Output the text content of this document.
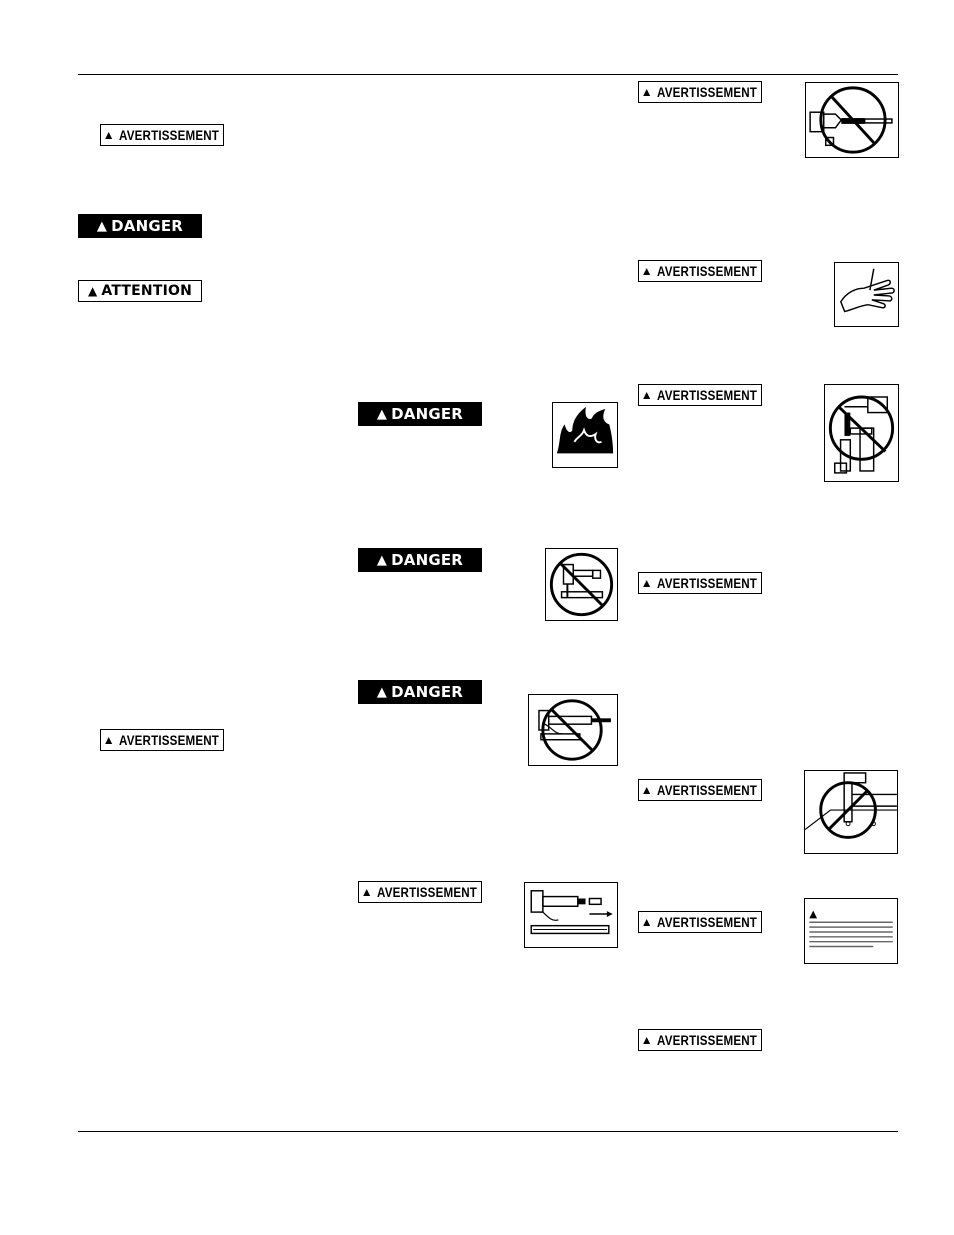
▲ AVERTISSEMENT
▲ DANGER
▲ ATTENTION
▲ AVERTISSEMENT
▲ DANGER
▲ DANGER
▲ DANGER
▲ AVERTISSEMENT
▲ AVERTISSEMENT
▲ AVERTISSEMENT
▲ AVERTISSEMENT
▲ AVERTISSEMENT
▲ AVERTISSEMENT
▲ AVERTISSEMENT
▲ AVERTISSEMENT
